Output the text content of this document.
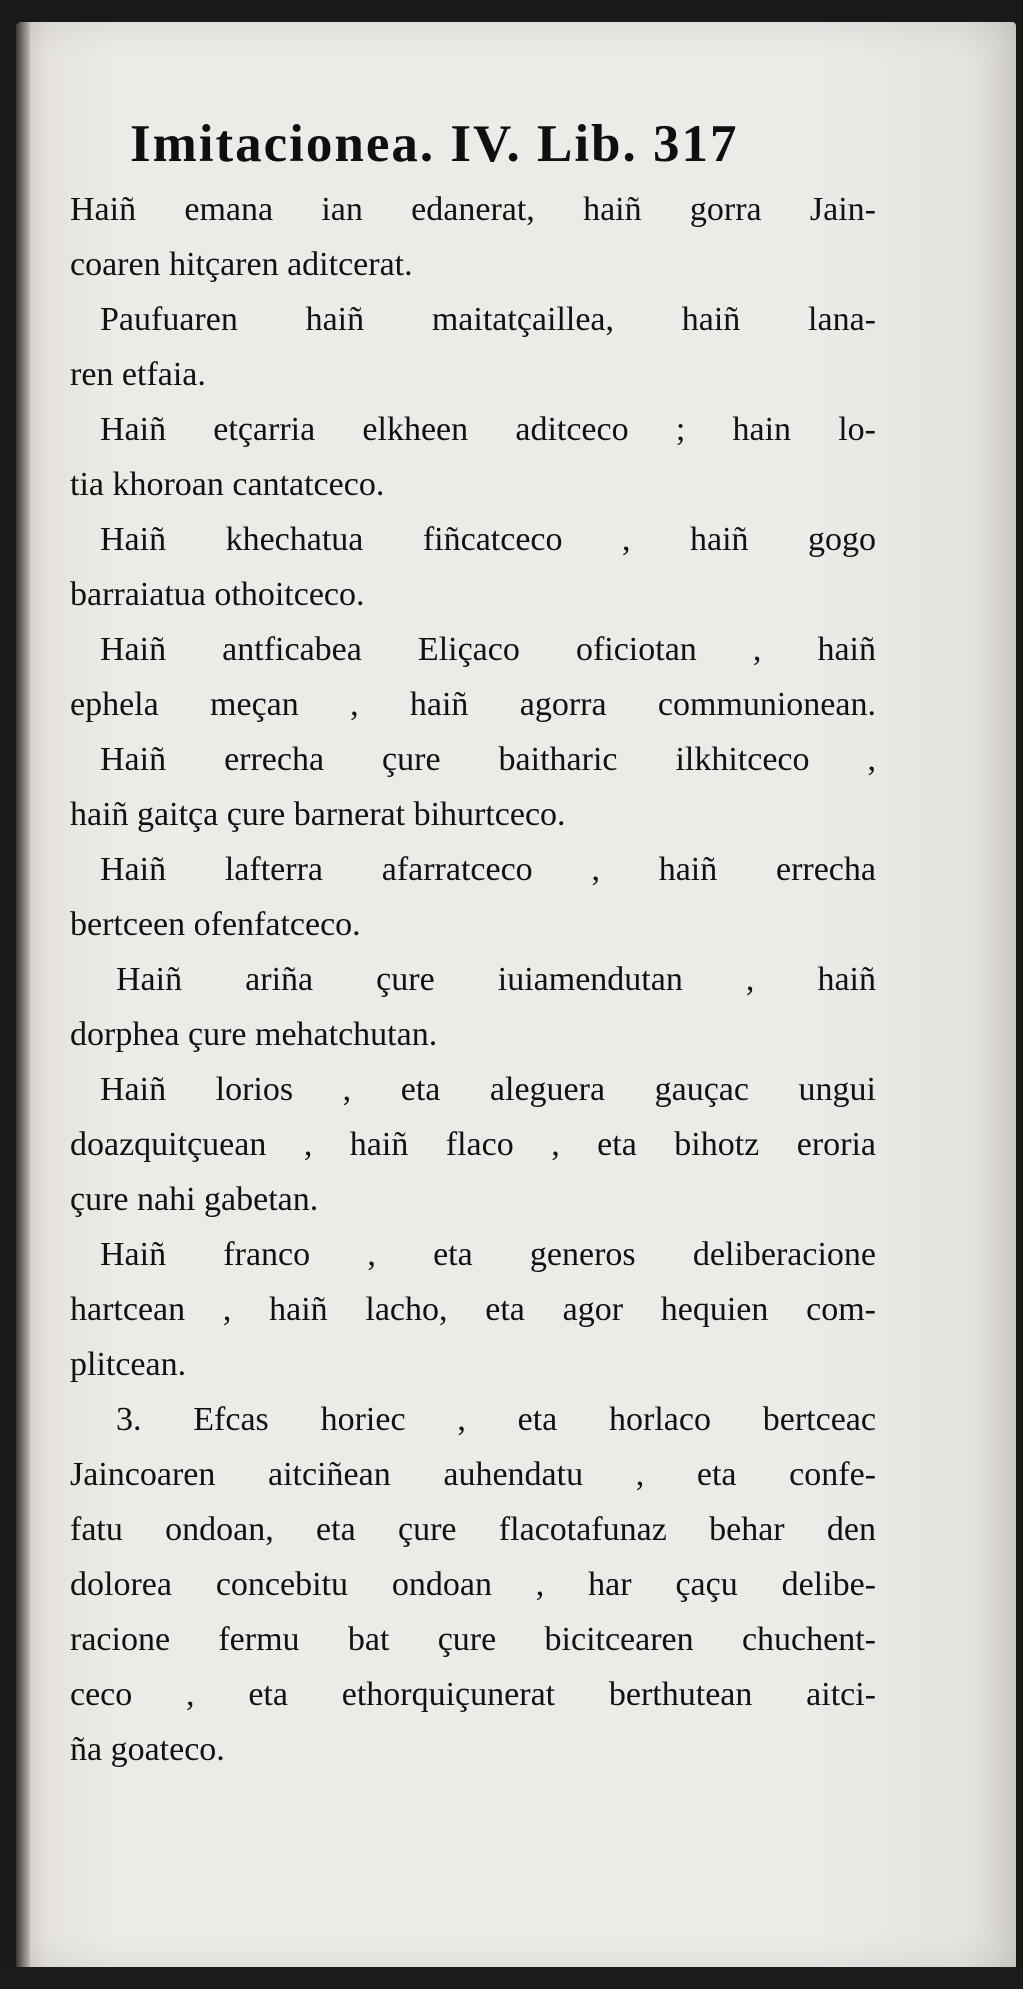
Imitacionea. IV. Lib. 317
Haiñ emana ian edanerat, haiñ gorra Jain-
coaren hitçaren aditcerat.
Paufuaren haiñ maitatçaillea, haiñ lana-
ren etfaia.
Haiñ etçarria elkheen aditceco ; hain lo-
tia khoroan cantatceco.
Haiñ khechatua fiñcatceco , haiñ gogo
barraiatua othoitceco.
Haiñ antficabea Eliçaco oficiotan , haiñ
ephela meçan , haiñ agorra communionean.
Haiñ errecha çure baitharic ilkhitceco ,
haiñ gaitça çure barnerat bihurtceco.
Haiñ lafterra afarratceco , haiñ errecha
bertceen ofenfatceco.
Haiñ ariña çure iuiamendutan , haiñ
dorphea çure mehatchutan.
Haiñ lorios , eta aleguera gauçac ungui
doazquitçuean , haiñ flaco , eta bihotz eroria
çure nahi gabetan.
Haiñ franco , eta generos deliberacione
hartcean , haiñ lacho, eta agor hequien com-
plitcean.
3. Efcas horiec , eta horlaco bertceac
Jaincoaren aitciñean auhendatu , eta confe-
fatu ondoan, eta çure flacotafunaz behar den
dolorea concebitu ondoan , har çaçu delibe-
racione fermu bat çure bicitcearen chuchent-
ceco , eta ethorquiçunerat berthutean aitci-
ña goateco.
